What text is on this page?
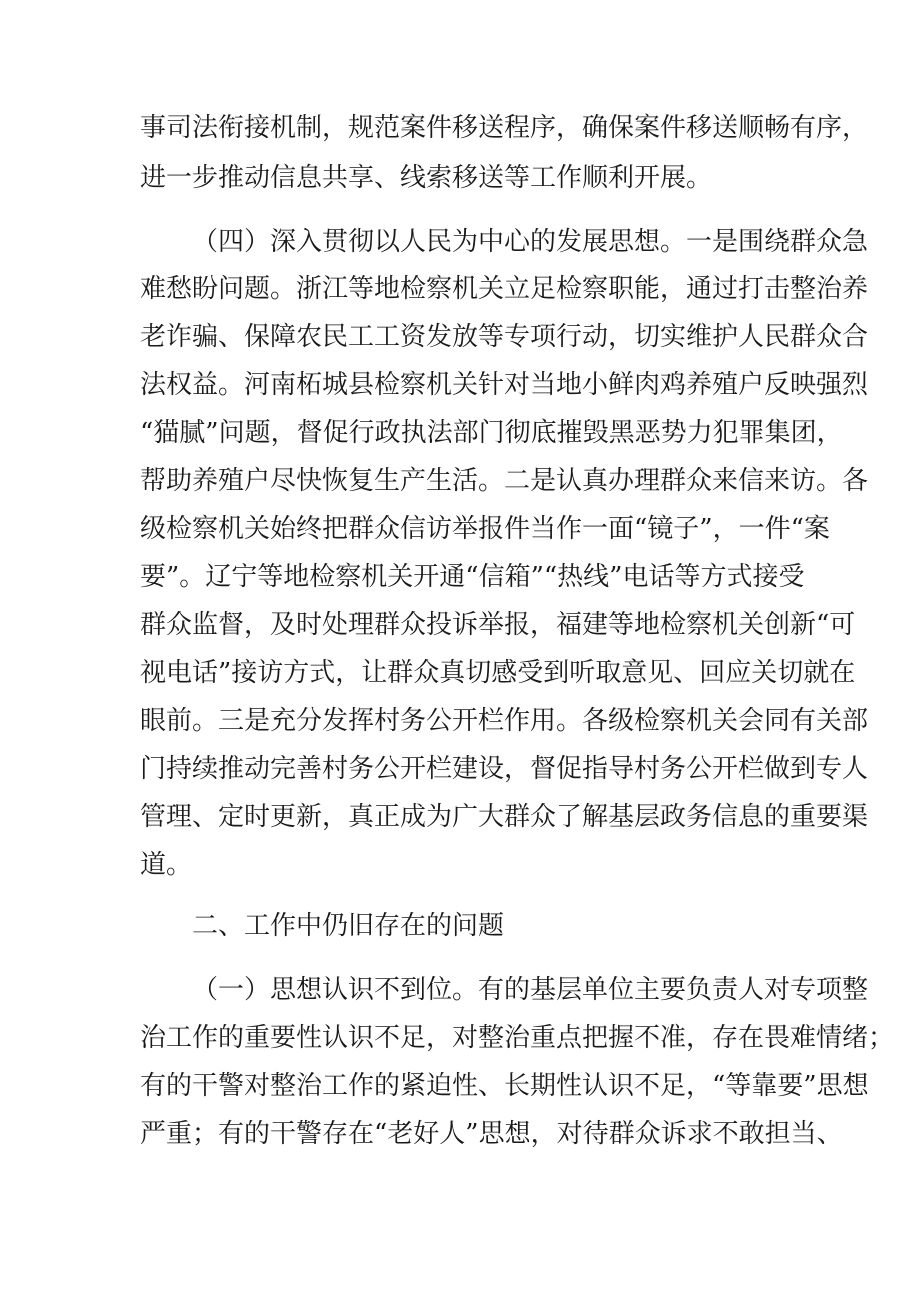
事司法衔接机制，规范案件移送程序，确保案件移送顺畅有序，

进一步推动信息共享、线索移送等工作顺利开展。

（四）深入贯彻以人民为中心的发展思想。一是围绕群众急

难愁盼问题。浙江等地检察机关立足检察职能，通过打击整治养

老诈骗、保障农民工工资发放等专项行动，切实维护人民群众合

法权益。河南柘城县检察机关针对当地小鲜肉鸡养殖户反映强烈

“猫腻”问题，督促行政执法部门彻底摧毁黑恶势力犯罪集团，

帮助养殖户尽快恢复生产生活。二是认真办理群众来信来访。各

级检察机关始终把群众信访举报件当作一面“镜子”，一件“案

要”。辽宁等地检察机关开通“信箱”“热线”电话等方式接受

群众监督，及时处理群众投诉举报，福建等地检察机关创新“可

视电话”接访方式，让群众真切感受到听取意见、回应关切就在

眼前。三是充分发挥村务公开栏作用。各级检察机关会同有关部

门持续推动完善村务公开栏建设，督促指导村务公开栏做到专人

管理、定时更新，真正成为广大群众了解基层政务信息的重要渠

道。

二、工作中仍旧存在的问题

（一）思想认识不到位。有的基层单位主要负责人对专项整

治工作的重要性认识不足，对整治重点把握不准，存在畏难情绪；

有的干警对整治工作的紧迫性、长期性认识不足，“等靠要”思想

严重；有的干警存在“老好人”思想，对待群众诉求不敢担当、
